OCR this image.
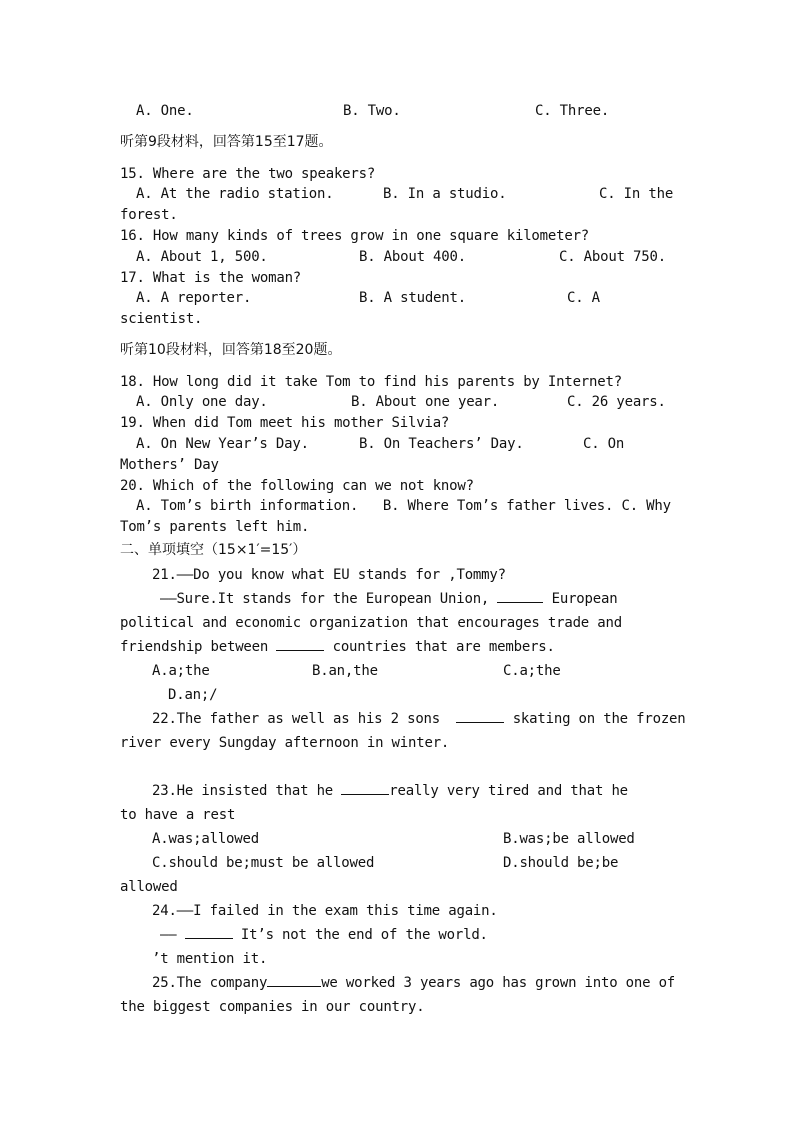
A. One.	B. Two.	C. Three.
听第9段材料，回答第15至17题。
15. Where are the two speakers?
A. At the radio station.	B. In a studio.	C. In the
forest.
16. How many kinds of trees grow in one square kilometer?
A. About 1, 500.	B. About 400.	C. About 750.
17. What is the woman?
A. A reporter.	B. A student.	C. A
scientist.
听第10段材料，回答第18至20题。
18. How long did it take Tom to find his parents by Internet?
A. Only one day.	B. About one year.	C. 26 years.
19. When did Tom meet his mother Silvia?
A. On New Year’s Day.	B. On Teachers’ Day.	C. On
Mothers’ Day
20. Which of the following can we not know?
A. Tom’s birth information.   B. Where Tom’s father lives. C. Why
Tom’s parents left him.
二、单项填空（15×1′=15′）
21.——Do you know what EU stands for ,Tommy?
——Sure.It stands for the European Union,	European
political and economic organization that encourages trade and
friendship between	countries that are members.
A.a;the	B.an,the	C.a;the
D.an;/
22.The father as well as his 2 sons	skating on the frozen
river every Sungday afternoon in winter.
23.He insisted that he	really very tired and that he
to have a rest
A.was;allowed	B.was;be allowed
C.should be;must be allowed	D.should be;be
allowed
24.——I failed in the exam this time again.
——	It’s not the end of the world.
’t mention it.
25.The company	we worked 3 years ago has grown into one of
the biggest companies in our country.
